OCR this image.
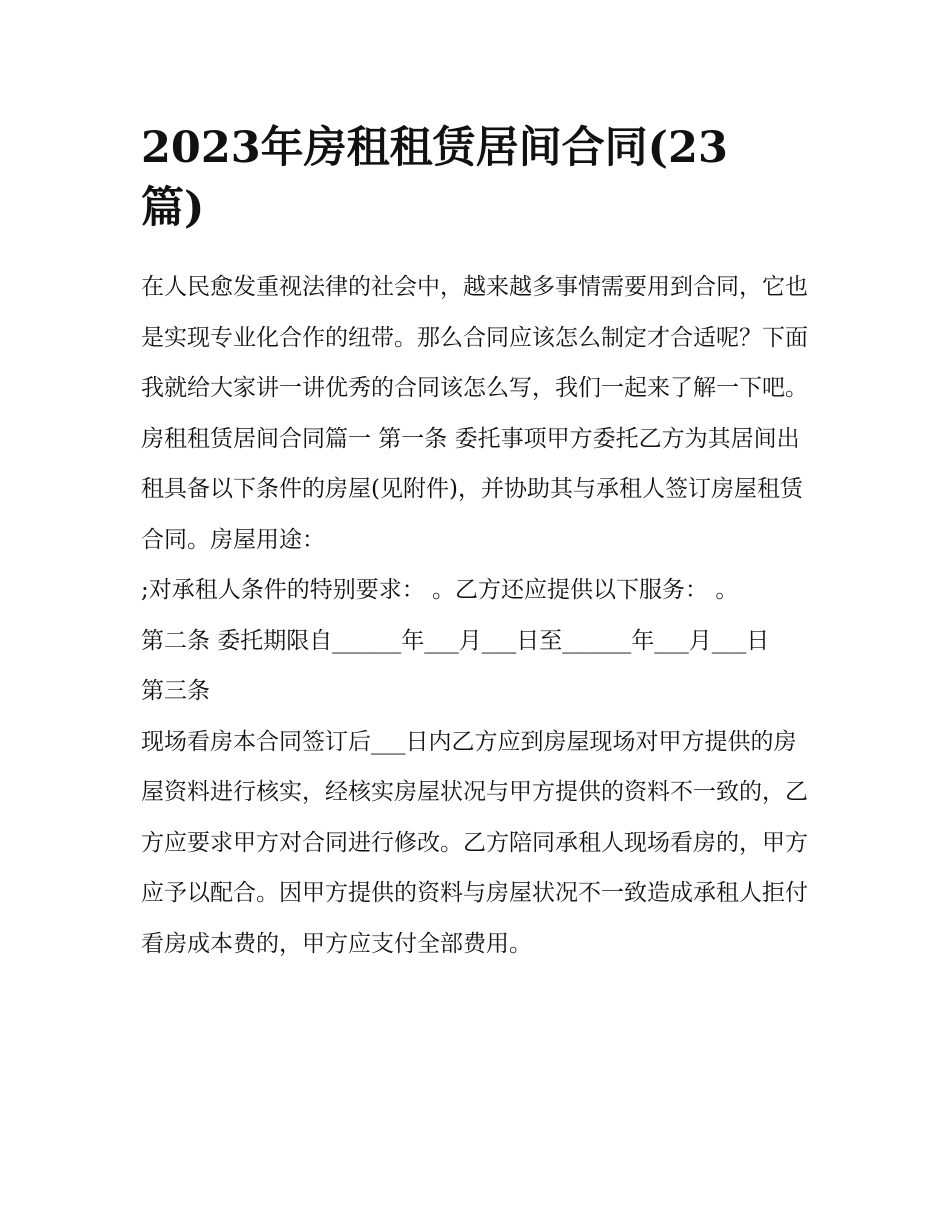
2023年房租租赁居间合同(23篇)

在人民愈发重视法律的社会中，越来越多事情需要用到合同，它也是实现专业化合作的纽带。那么合同应该怎么制定才合适呢？下面我就给大家讲一讲优秀的合同该怎么写，我们一起来了解一下吧。

房租租赁居间合同篇一 第一条 委托事项甲方委托乙方为其居间出租具备以下条件的房屋(见附件)，并协助其与承租人签订房屋租赁合同。房屋用途：

;对承租人条件的特别要求： 。乙方还应提供以下服务： 。

第二条 委托期限自______年___月___日至______年___月___日

第三条

现场看房本合同签订后___日内乙方应到房屋现场对甲方提供的房屋资料进行核实，经核实房屋状况与甲方提供的资料不一致的，乙方应要求甲方对合同进行修改。乙方陪同承租人现场看房的，甲方应予以配合。因甲方提供的资料与房屋状况不一致造成承租人拒付看房成本费的，甲方应支付全部费用。
